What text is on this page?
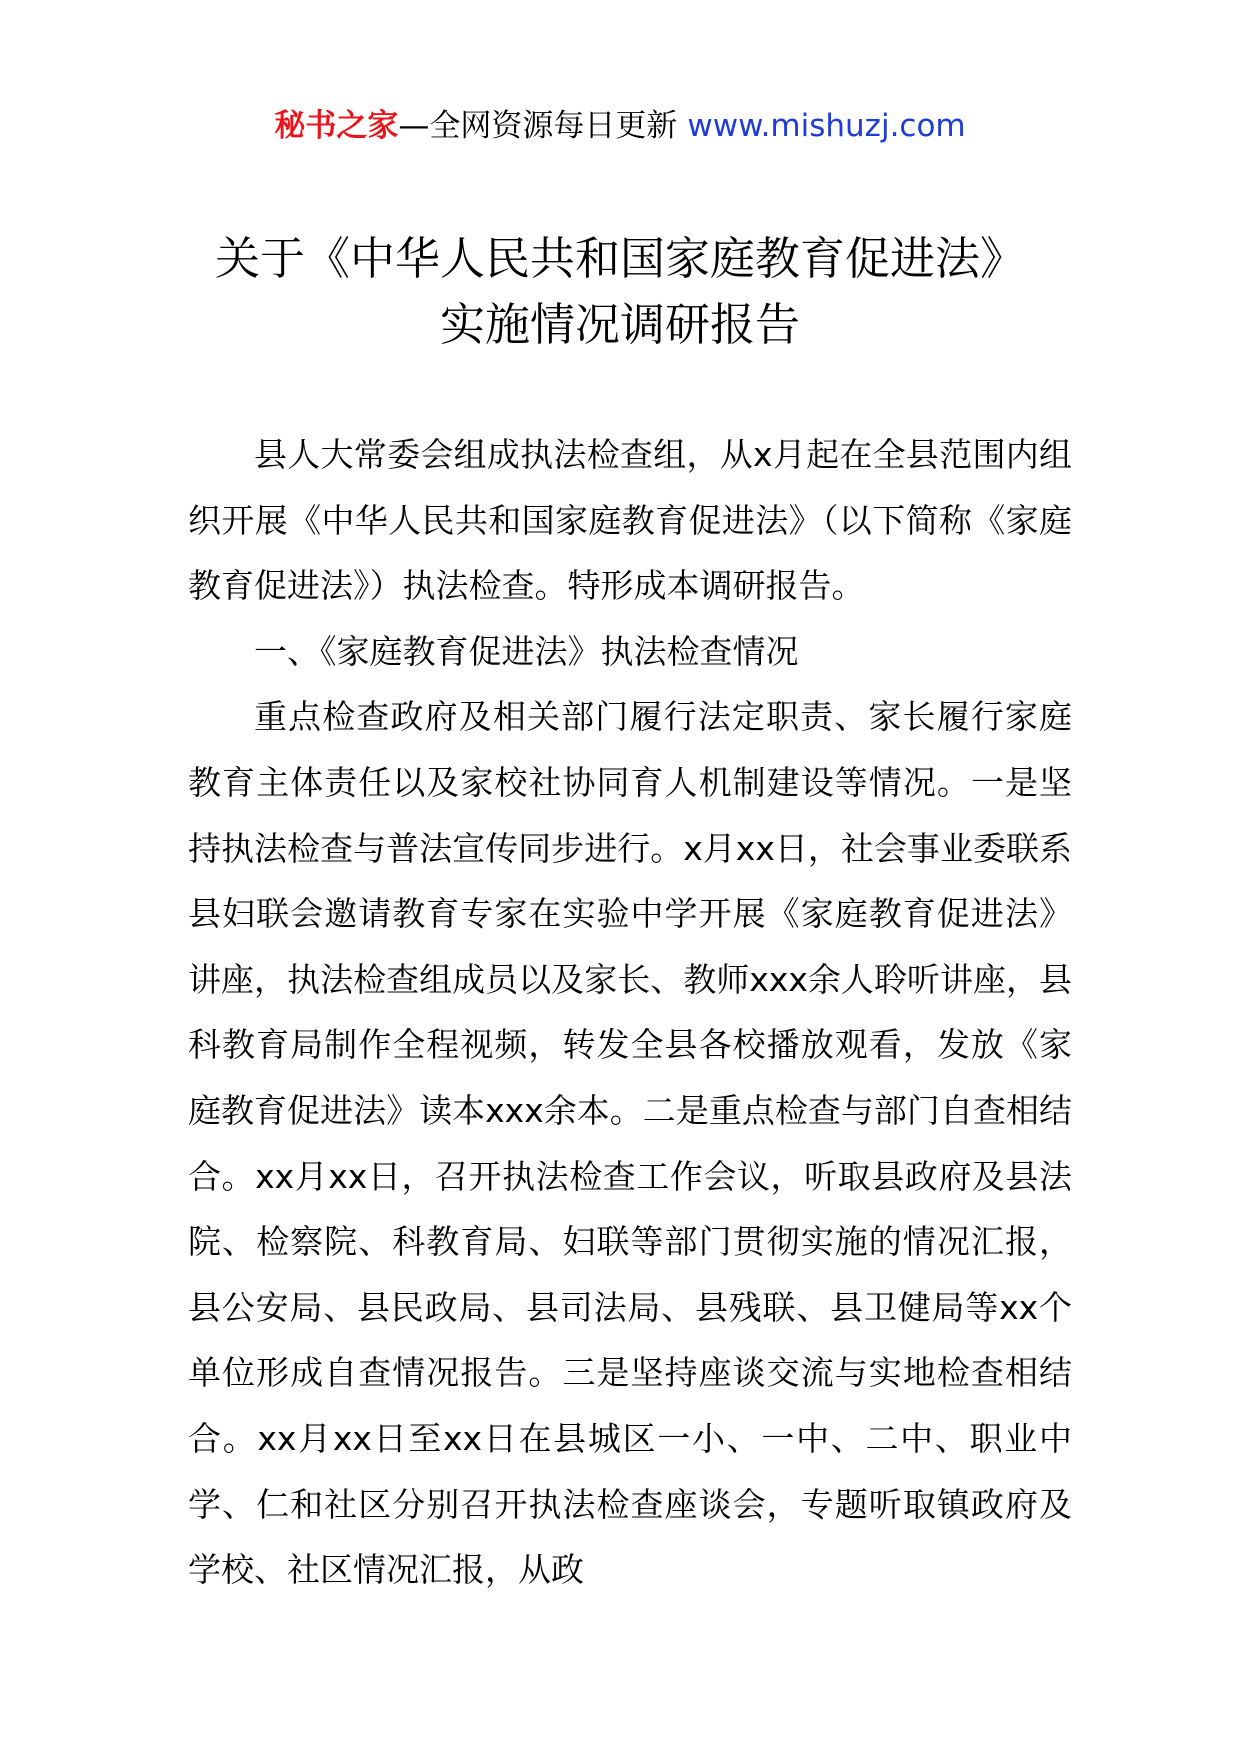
秘书之家—全网资源每日更新 www.mishuzj.com
关于《中华人民共和国家庭教育促进法》
实施情况调研报告

县人大常委会组成执法检查组，从x月起在全县范围内组织开展《中华人民共和国家庭教育促进法》（以下简称《家庭教育促进法》）执法检查。特形成本调研报告。

一、《家庭教育促进法》执法检查情况

重点检查政府及相关部门履行法定职责、家长履行家庭教育主体责任以及家校社协同育人机制建设等情况。一是坚持执法检查与普法宣传同步进行。x月xx日，社会事业委联系县妇联会邀请教育专家在实验中学开展《家庭教育促进法》讲座，执法检查组成员以及家长、教师xxx余人聆听讲座，县科教育局制作全程视频，转发全县各校播放观看，发放《家庭教育促进法》读本xxx余本。二是重点检查与部门自查相结合。xx月xx日，召开执法检查工作会议，听取县政府及县法院、检察院、科教育局、妇联等部门贯彻实施的情况汇报，县公安局、县民政局、县司法局、县残联、县卫健局等xx个单位形成自查情况报告。三是坚持座谈交流与实地检查相结合。xx月xx日至xx日在县城区一小、一中、二中、职业中学、仁和社区分别召开执法检查座谈会，专题听取镇政府及学校、社区情况汇报，从政
